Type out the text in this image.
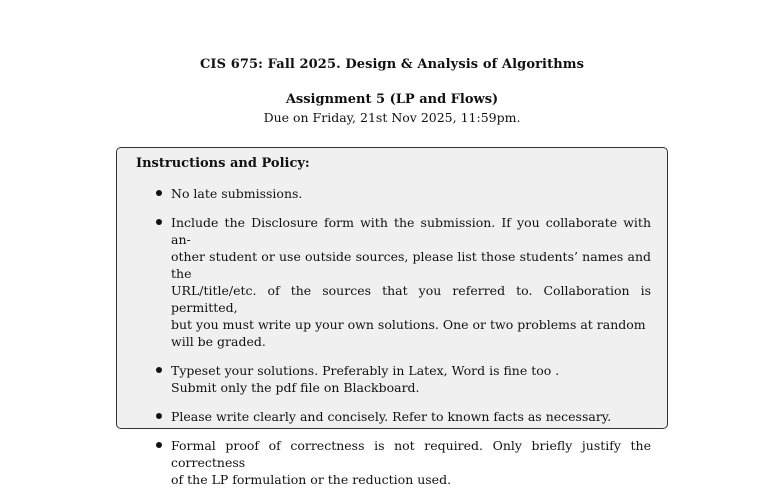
CIS 675: Fall 2025. Design & Analysis of Algorithms
Assignment 5 (LP and Flows)
Due on Friday, 21st Nov 2025, 11:59pm.
Instructions and Policy:
No late submissions.
Include the Disclosure form with the submission. If you collaborate with an-
other student or use outside sources, please list those students’ names and the
URL/title/etc. of the sources that you referred to. Collaboration is permitted,
but you must write up your own solutions. One or two problems at random
will be graded.
Typeset your solutions. Preferably in Latex, Word is fine too .
Submit only the pdf file on Blackboard.
Please write clearly and concisely. Refer to known facts as necessary.
Formal proof of correctness is not required. Only briefly justify the correctness
of the LP formulation or the reduction used.
